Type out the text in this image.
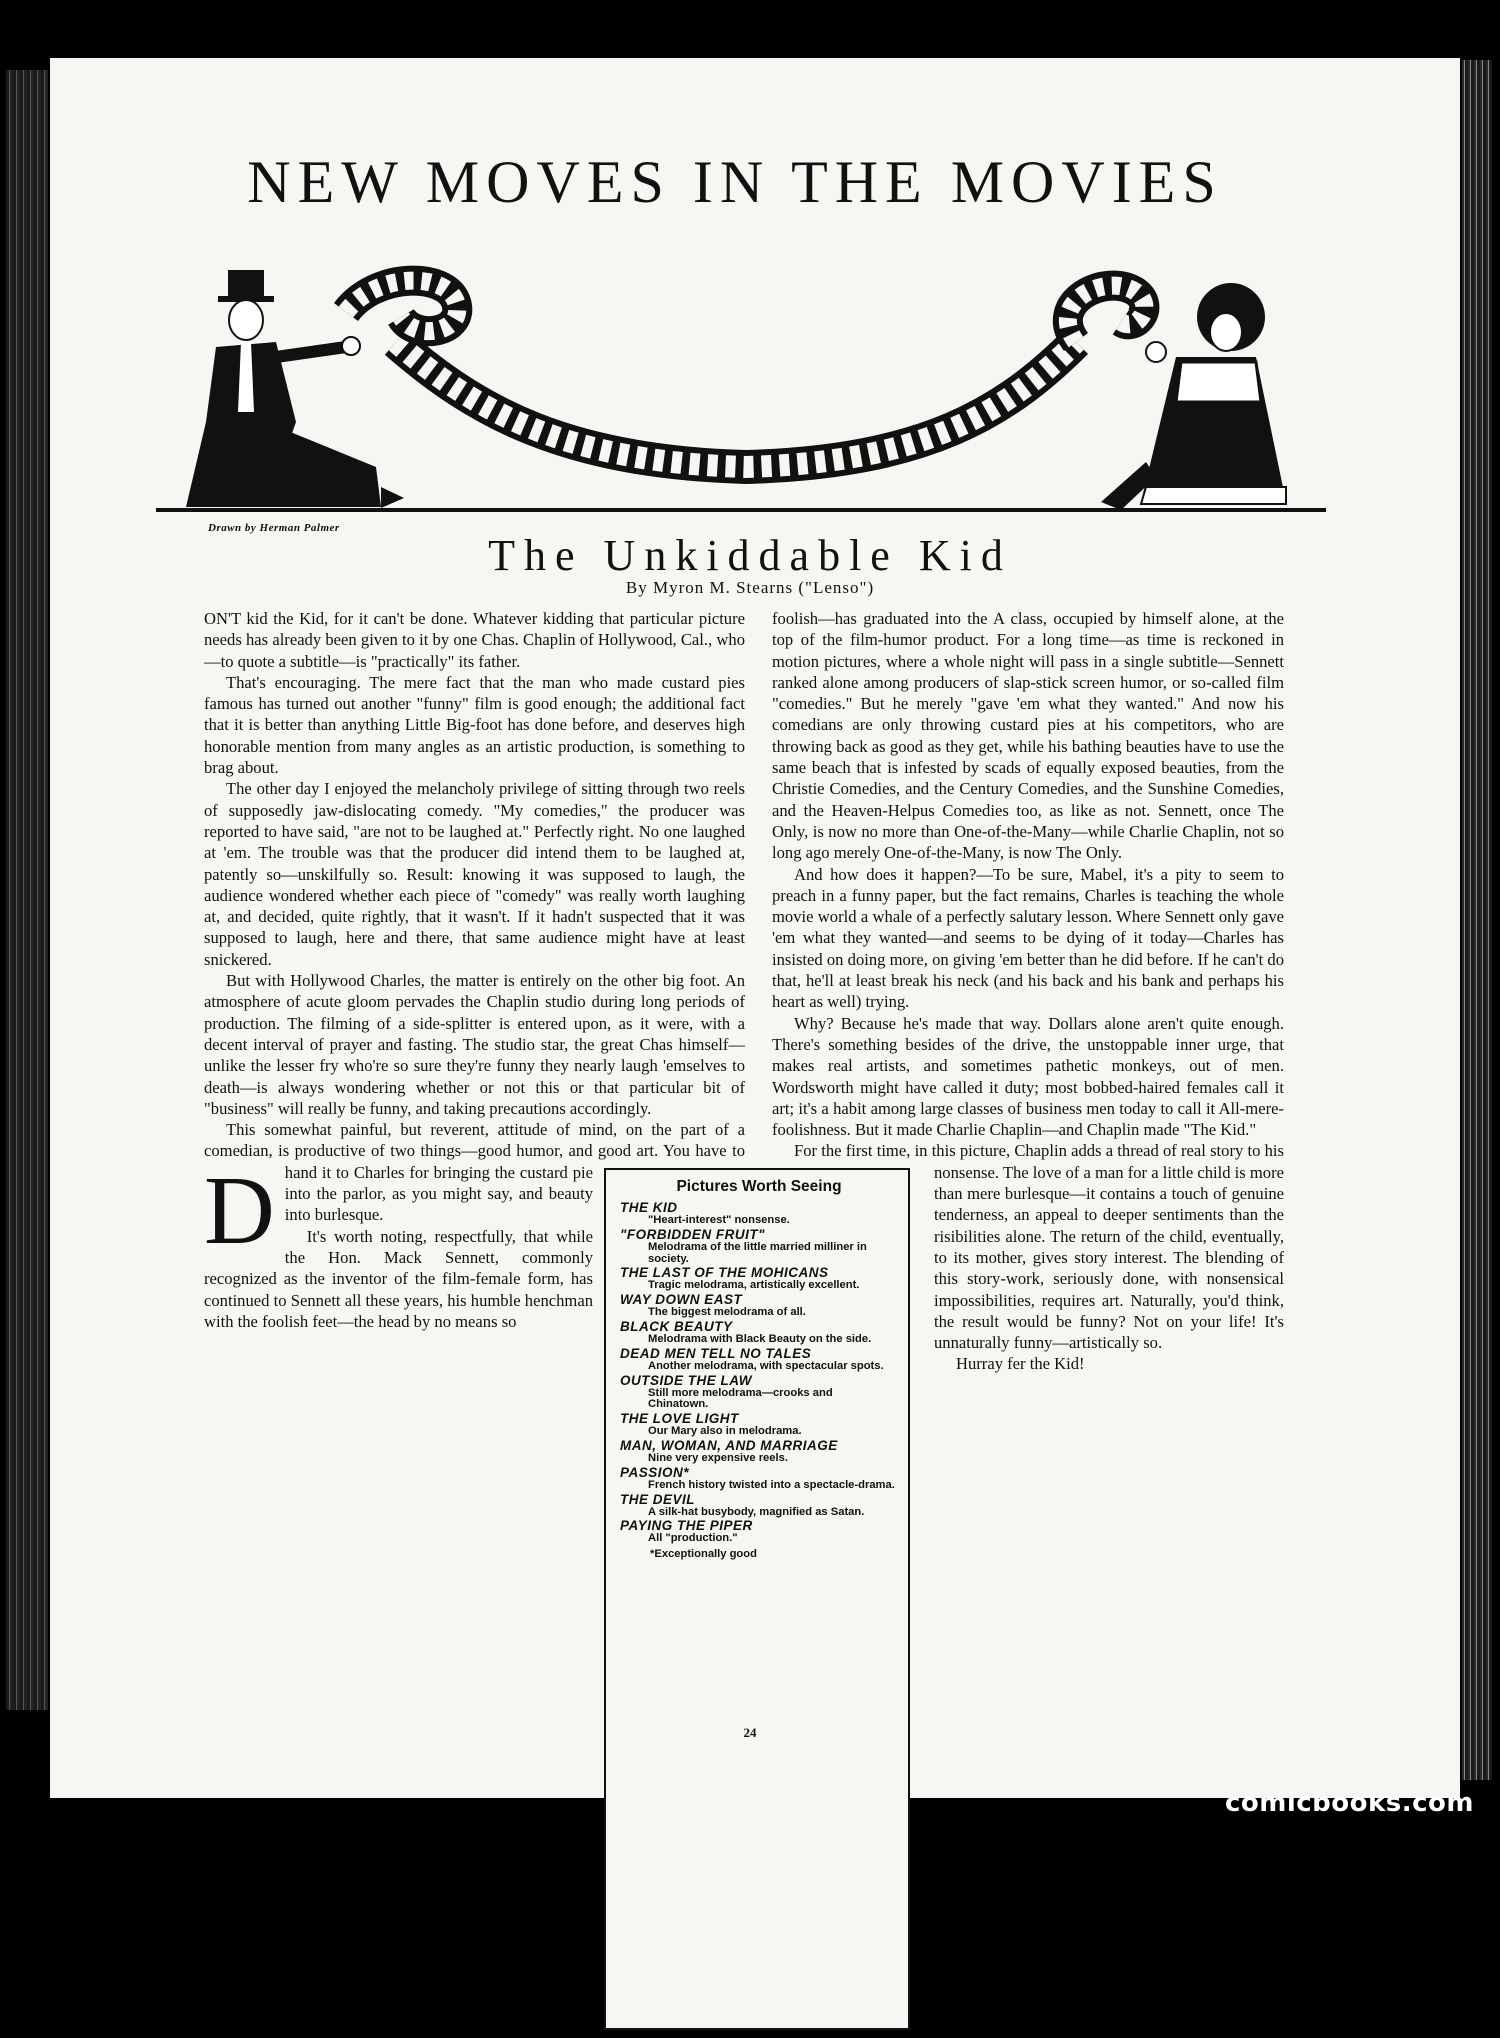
NEW MOVES IN THE MOVIES
Drawn by Herman Palmer
The Unkiddable Kid
By Myron M. Stearns ("Lenso")

D
ON'T kid the Kid, for it can't be done. Whatever kidding that particular picture needs has already been given to it by one Chas. Chaplin of Hollywood, Cal., who—to quote a subtitle—is "practically" its father.

That's encouraging. The mere fact that the man who made custard pies famous has turned out another "funny" film is good enough; the additional fact that it is better than anything Little Big-foot has done before, and deserves high honorable mention from many angles as an artistic production, is something to brag about.

The other day I enjoyed the melancholy privilege of sitting through two reels of supposedly jaw-dislocating comedy. "My comedies," the producer was reported to have said, "are not to be laughed at." Perfectly right. No one laughed at 'em. The trouble was that the producer did intend them to be laughed at, patently so—unskilfully so. Result: knowing it was supposed to laugh, the audience wondered whether each piece of "comedy" was really worth laughing at, and decided, quite rightly, that it wasn't. If it hadn't suspected that it was supposed to laugh, here and there, that same audience might have at least snickered.

But with Hollywood Charles, the matter is entirely on the other big foot. An atmosphere of acute gloom pervades the Chaplin studio during long periods of production. The filming of a side-splitter is entered upon, as it were, with a decent interval of prayer and fasting. The studio star, the great Chas himself—unlike the lesser fry who're so sure they're funny they nearly laugh 'emselves to death—is always wondering whether or not this or that particular bit of "business" will really be funny, and taking precautions accordingly.

This somewhat painful, but reverent, attitude of mind, on the part of a comedian, is productive of two things—good humor, and good art. You have to hand it to Charles for bringing the custard pie into the parlor, as you might say, and beauty into burlesque.

It's worth noting, respectfully, that while the Hon. Mack Sennett, commonly recognized as the inventor of the film-female form, has continued to Sennett all these years, his humble henchman with the foolish feet—the head by no means so

foolish—has graduated into the A class, occupied by himself alone, at the top of the film-humor product. For a long time—as time is reckoned in motion pictures, where a whole night will pass in a single subtitle—Sennett ranked alone among producers of slap-stick screen humor, or so-called film "comedies." But he merely "gave 'em what they wanted." And now his comedians are only throwing custard pies at his competitors, who are throwing back as good as they get, while his bathing beauties have to use the same beach that is infested by scads of equally exposed beauties, from the Christie Comedies, and the Century Comedies, and the Sunshine Comedies, and the Heaven-Helpus Comedies too, as like as not. Sennett, once The Only, is now no more than One-of-the-Many—while Charlie Chaplin, not so long ago merely One-of-the-Many, is now The Only.

And how does it happen?—To be sure, Mabel, it's a pity to seem to preach in a funny paper, but the fact remains, Charles is teaching the whole movie world a whale of a perfectly salutary lesson. Where Sennett only gave 'em what they wanted—and seems to be dying of it today—Charles has insisted on doing more, on giving 'em better than he did before. If he can't do that, he'll at least break his neck (and his back and his bank and perhaps his heart as well) trying.

Why? Because he's made that way. Dollars alone aren't quite enough. There's something besides of the drive, the unstoppable inner urge, that makes real artists, and sometimes pathetic monkeys, out of men. Wordsworth might have called it duty; most bobbed-haired females call it art; it's a habit among large classes of business men today to call it All-mere-foolishness. But it made Charlie Chaplin—and Chaplin made "The Kid."

For the first time, in this picture, Chaplin adds a thread of real story to his nonsense. The love of a man for a little child is more than mere burlesque—it contains a touch of genuine tenderness, an appeal to deeper sentiments than the risibilities alone. The return of the child, eventually, to its mother, gives story interest. The blending of this story-work, seriously done, with nonsensical impossibilities, requires art. Naturally, you'd think, the result would be funny? Not on your life! It's unnaturally funny—artistically so.

Hurray fer the Kid!

Pictures Worth Seeing
THE KID
"Heart-interest" nonsense.
"FORBIDDEN FRUIT"
Melodrama of the little married milliner in society.
THE LAST OF THE MOHICANS
Tragic melodrama, artistically excellent.
WAY DOWN EAST
The biggest melodrama of all.
BLACK BEAUTY
Melodrama with Black Beauty on the side.
DEAD MEN TELL NO TALES
Another melodrama, with spectacular spots.
OUTSIDE THE LAW
Still more melodrama—crooks and Chinatown.
THE LOVE LIGHT
Our Mary also in melodrama.
MAN, WOMAN, AND MARRIAGE
Nine very expensive reels.
PASSION*
French history twisted into a spectacle-drama.
THE DEVIL
A silk-hat busybody, magnified as Satan.
PAYING THE PIPER
All "production."
*Exceptionally good
24
comicbooks.com
